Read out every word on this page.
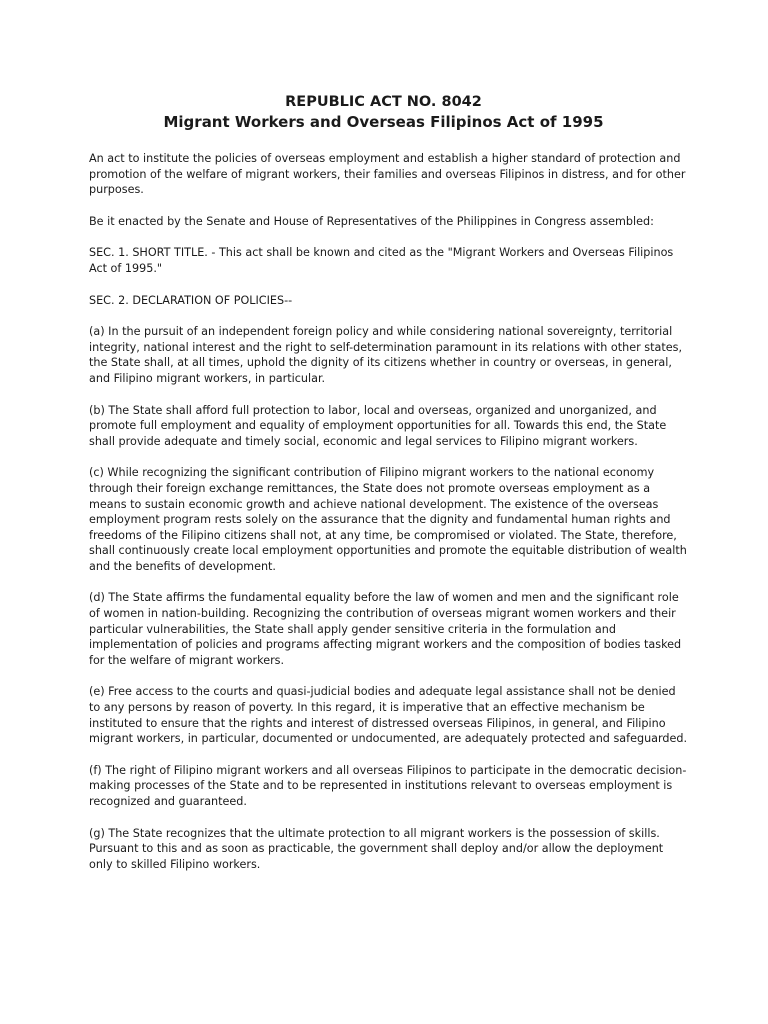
REPUBLIC ACT NO. 8042
Migrant Workers and Overseas Filipinos Act of 1995

An act to institute the policies of overseas employment and establish a higher standard of protection and promotion of the welfare of migrant workers, their families and overseas Filipinos in distress, and for other purposes.

Be it enacted by the Senate and House of Representatives of the Philippines in Congress assembled:

SEC. 1. SHORT TITLE. - This act shall be known and cited as the "Migrant Workers and Overseas Filipinos Act of 1995."

SEC. 2. DECLARATION OF POLICIES--

(a) In the pursuit of an independent foreign policy and while considering national sovereignty, territorial integrity, national interest and the right to self-determination paramount in its relations with other states, the State shall, at all times, uphold the dignity of its citizens whether in country or overseas, in general, and Filipino migrant workers, in particular.

(b) The State shall afford full protection to labor, local and overseas, organized and unorganized, and promote full employment and equality of employment opportunities for all. Towards this end, the State shall provide adequate and timely social, economic and legal services to Filipino migrant workers.

(c) While recognizing the significant contribution of Filipino migrant workers to the national economy through their foreign exchange remittances, the State does not promote overseas employment as a means to sustain economic growth and achieve national development. The existence of the overseas employment program rests solely on the assurance that the dignity and fundamental human rights and freedoms of the Filipino citizens shall not, at any time, be compromised or violated. The State, therefore, shall continuously create local employment opportunities and promote the equitable distribution of wealth and the benefits of development.

(d) The State affirms the fundamental equality before the law of women and men and the significant role of women in nation-building. Recognizing the contribution of overseas migrant women workers and their particular vulnerabilities, the State shall apply gender sensitive criteria in the formulation and implementation of policies and programs affecting migrant workers and the composition of bodies tasked for the welfare of migrant workers.

(e) Free access to the courts and quasi-judicial bodies and adequate legal assistance shall not be denied to any persons by reason of poverty. In this regard, it is imperative that an effective mechanism be instituted to ensure that the rights and interest of distressed overseas Filipinos, in general, and Filipino migrant workers, in particular, documented or undocumented, are adequately protected and safeguarded.

(f) The right of Filipino migrant workers and all overseas Filipinos to participate in the democratic decision-making processes of the State and to be represented in institutions relevant to overseas employment is recognized and guaranteed.

(g) The State recognizes that the ultimate protection to all migrant workers is the possession of skills. Pursuant to this and as soon as practicable, the government shall deploy and/or allow the deployment only to skilled Filipino workers.
